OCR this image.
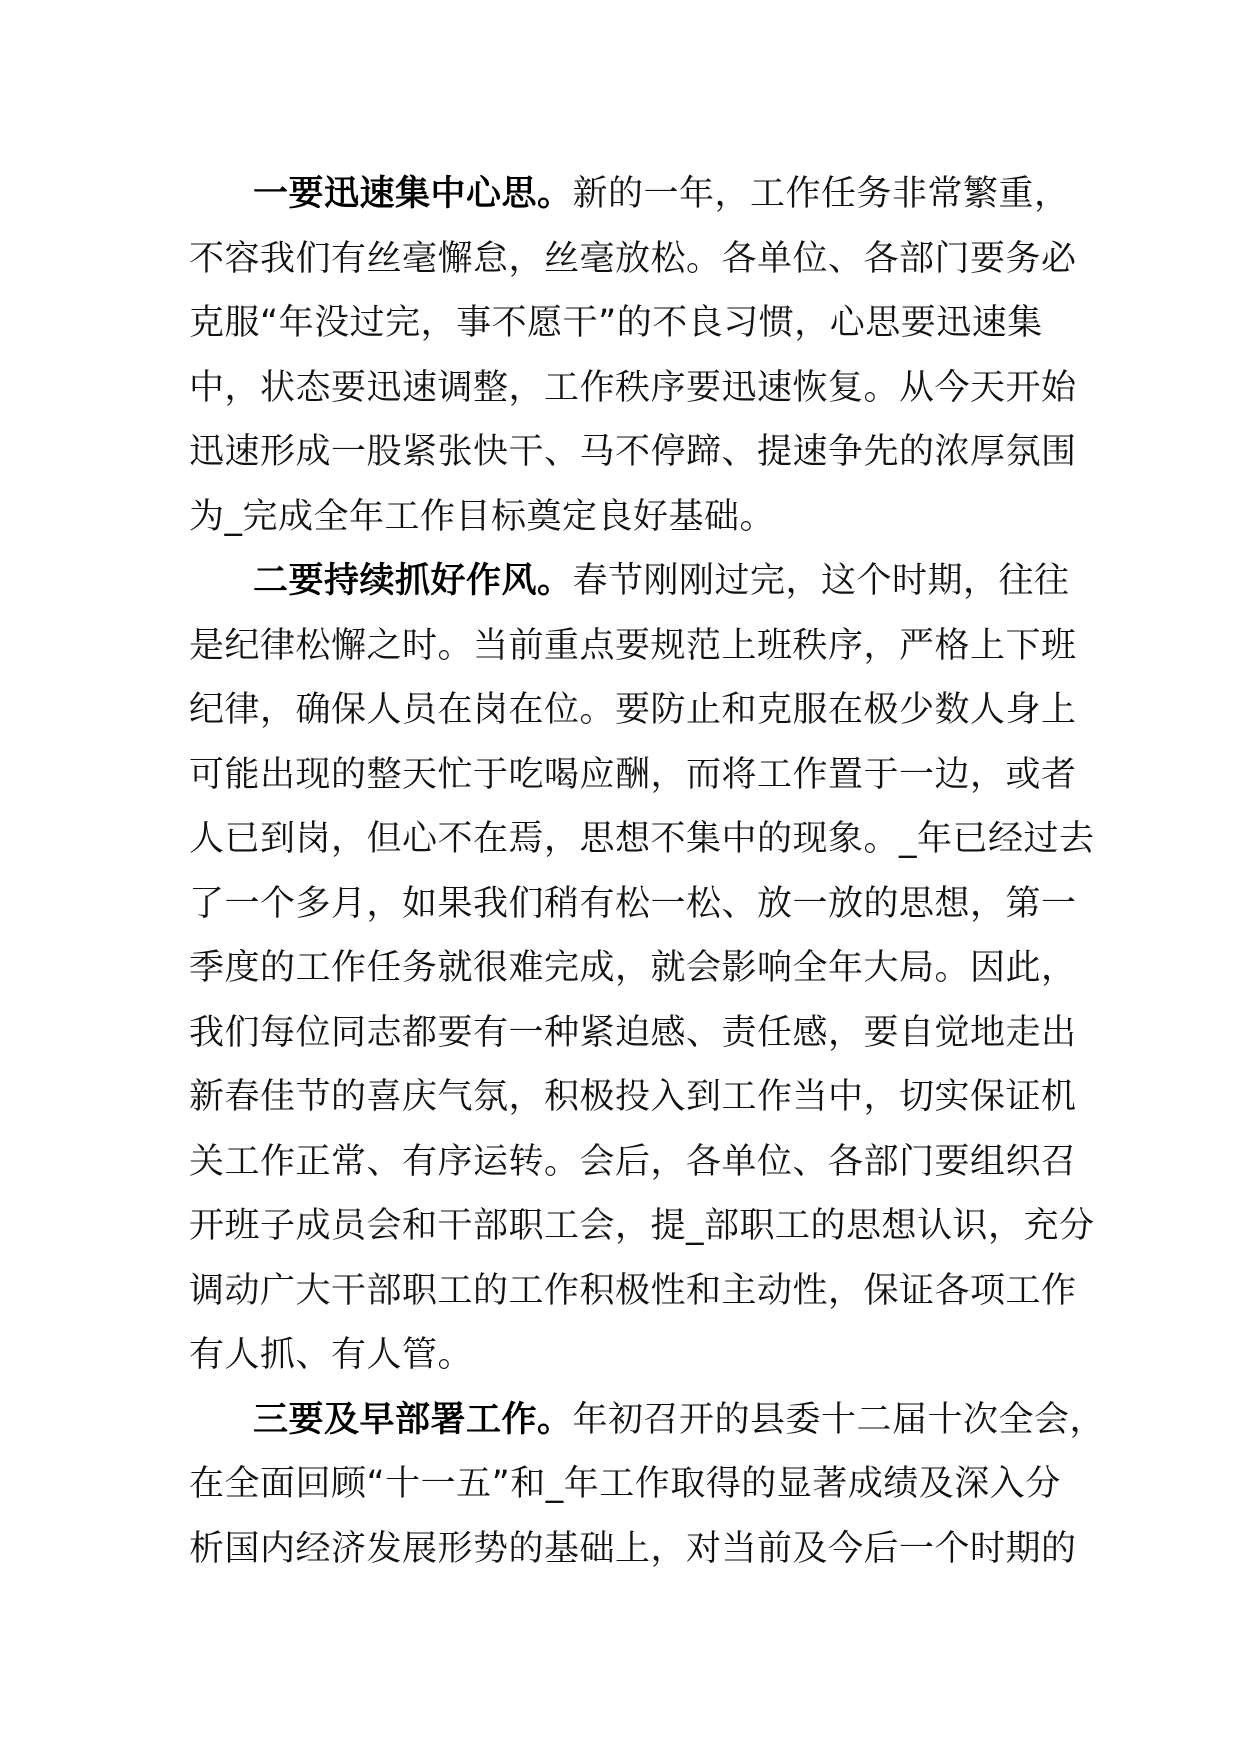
一要迅速集中心思。新的一年，工作任务非常繁重，
不容我们有丝毫懈怠，丝毫放松。各单位、各部门要务必
克服“年没过完，事不愿干”的不良习惯，心思要迅速集
中，状态要迅速调整，工作秩序要迅速恢复。从今天开始
迅速形成一股紧张快干、马不停蹄、提速争先的浓厚氛围
为_完成全年工作目标奠定良好基础。
二要持续抓好作风。春节刚刚过完，这个时期，往往
是纪律松懈之时。当前重点要规范上班秩序，严格上下班
纪律，确保人员在岗在位。要防止和克服在极少数人身上
可能出现的整天忙于吃喝应酬，而将工作置于一边，或者
人已到岗，但心不在焉，思想不集中的现象。_年已经过去
了一个多月，如果我们稍有松一松、放一放的思想，第一
季度的工作任务就很难完成，就会影响全年大局。因此，
我们每位同志都要有一种紧迫感、责任感，要自觉地走出
新春佳节的喜庆气氛，积极投入到工作当中，切实保证机
关工作正常、有序运转。会后，各单位、各部门要组织召
开班子成员会和干部职工会，提_部职工的思想认识，充分
调动广大干部职工的工作积极性和主动性，保证各项工作
有人抓、有人管。
三要及早部署工作。年初召开的县委十二届十次全会，
在全面回顾“十一五”和_年工作取得的显著成绩及深入分
析国内经济发展形势的基础上，对当前及今后一个时期的
